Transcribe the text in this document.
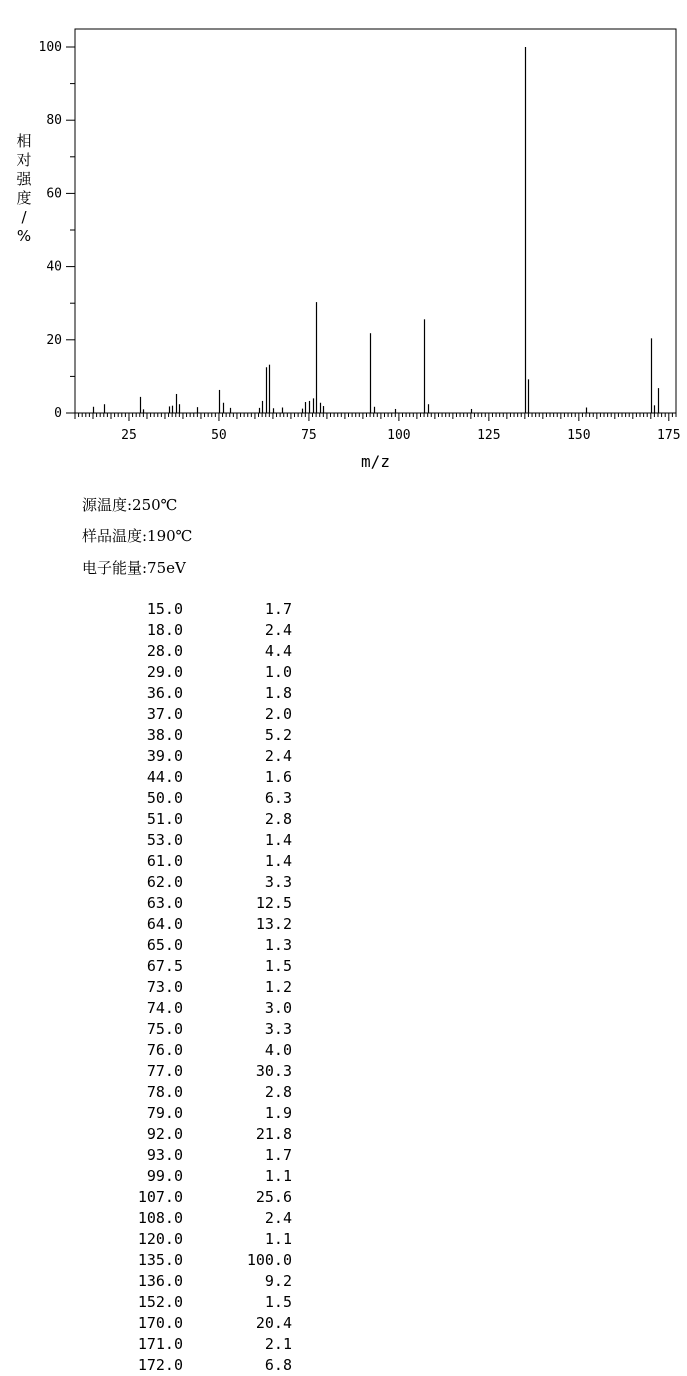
25	50	75	100	125	150	175
0
20
40
60
80
100
m/z
相对强度/ %
源温度:250℃
样品温度:190℃
电子能量:75eV
15.0	1.7
18.0	2.4
28.0	4.4
29.0	1.0
36.0	1.8
37.0	2.0
38.0	5.2
39.0	2.4
44.0	1.6
50.0	6.3
51.0	2.8
53.0	1.4
61.0	1.4
62.0	3.3
63.0	12.5
64.0	13.2
65.0	1.3
67.5	1.5
73.0	1.2
74.0	3.0
75.0	3.3
76.0	4.0
77.0	30.3
78.0	2.8
79.0	1.9
92.0	21.8
93.0	1.7
99.0	1.1
107.0	25.6
108.0	2.4
120.0	1.1
135.0	100.0
136.0	9.2
152.0	1.5
170.0	20.4
171.0	2.1
172.0	6.8
